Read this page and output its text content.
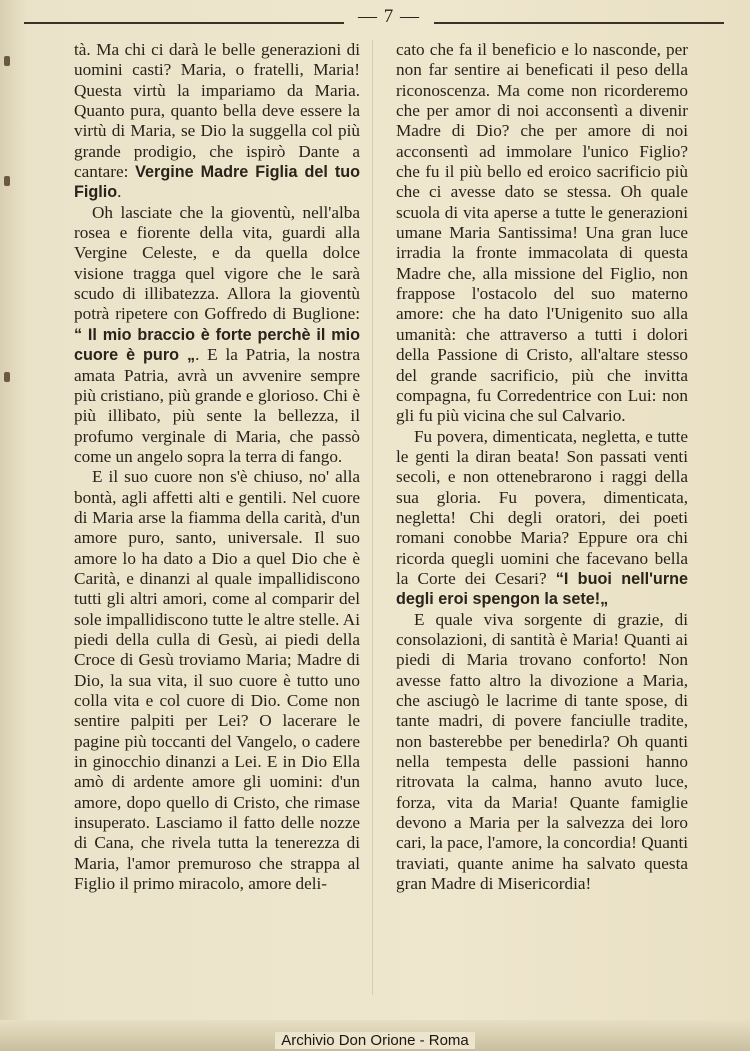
— 7 —

tà. Ma chi ci darà le belle generazioni di uomini casti? Maria, o fratelli, Maria! Questa virtù la impariamo da Maria. Quanto pura, quanto bella deve essere la virtù di Maria, se Dio la suggella col più grande prodigio, che ispirò Dante a cantare: Vergine Madre Figlia del tuo Figlio.

Oh lasciate che la gioventù, nell'alba rosea e fiorente della vita, guardi alla Vergine Celeste, e da quella dolce visione tragga quel vigore che le sarà scudo di illibatezza. Allora la gioventù potrà ripetere con Goffredo di Buglione: “ Il mio braccio è forte perchè il mio cuore è puro „. E la Patria, la nostra amata Patria, avrà un avvenire sempre più cristiano, più grande e glorioso. Chi è più illibato, più sente la bellezza, il profumo verginale di Maria, che passò come un angelo sopra la terra di fango.

E il suo cuore non s'è chiuso, no' alla bontà, agli affetti alti e gentili. Nel cuore di Maria arse la fiamma della carità, d'un amore puro, santo, universale. Il suo amore lo ha dato a Dio a quel Dio che è Carità, e dinanzi al quale impallidiscono tutti gli altri amori, come al comparir del sole impallidiscono tutte le altre stelle. Ai piedi della culla di Gesù, ai piedi della Croce di Gesù troviamo Maria; Madre di Dio, la sua vita, il suo cuore è tutto uno colla vita e col cuore di Dio. Come non sentire palpiti per Lei? O lacerare le pagine più toccanti del Vangelo, o cadere in ginocchio dinanzi a Lei. E in Dio Ella amò di ardente amore gli uomini: d'un amore, dopo quello di Cristo, che rimase insuperato. Lasciamo il fatto delle nozze di Cana, che rivela tutta la tenerezza di Maria, l'amor premuroso che strappa al Figlio il primo miracolo, amore deli-

cato che fa il beneficio e lo nasconde, per non far sentire ai beneficati il peso della riconoscenza. Ma come non ricorderemo che per amor di noi acconsentì a divenir Madre di Dio? che per amore di noi acconsentì ad immolare l'unico Figlio? che fu il più bello ed eroico sacrificio più che ci avesse dato se stessa. Oh quale scuola di vita aperse a tutte le generazioni umane Maria Santissima! Una gran luce irradia la fronte immacolata di questa Madre che, alla missione del Figlio, non frappose l'ostacolo del suo materno amore: che ha dato l'Unigenito suo alla umanità: che attraverso a tutti i dolori della Passione di Cristo, all'altare stesso del grande sacrificio, più che invitta compagna, fu Corredentrice con Lui: non gli fu più vicina che sul Calvario.

Fu povera, dimenticata, negletta, e tutte le genti la diran beata! Son passati venti secoli, e non ottenebrarono i raggi della sua gloria. Fu povera, dimenticata, negletta! Chi degli oratori, dei poeti romani conobbe Maria? Eppure ora chi ricorda quegli uomini che facevano bella la Corte dei Cesari? “I buoi nell'urne degli eroi spengon la sete!„

E quale viva sorgente di grazie, di consolazioni, di santità è Maria! Quanti ai piedi di Maria trovano conforto! Non avesse fatto altro la divozione a Maria, che asciugò le lacrime di tante spose, di tante madri, di povere fanciulle tradite, non basterebbe per benedirla? Oh quanti nella tempesta delle passioni hanno ritrovata la calma, hanno avuto luce, forza, vita da Maria! Quante famiglie devono a Maria per la salvezza dei loro cari, la pace, l'amore, la concordia! Quanti traviati, quante anime ha salvato questa gran Madre di Misericordia!

Archivio Don Orione - Roma
